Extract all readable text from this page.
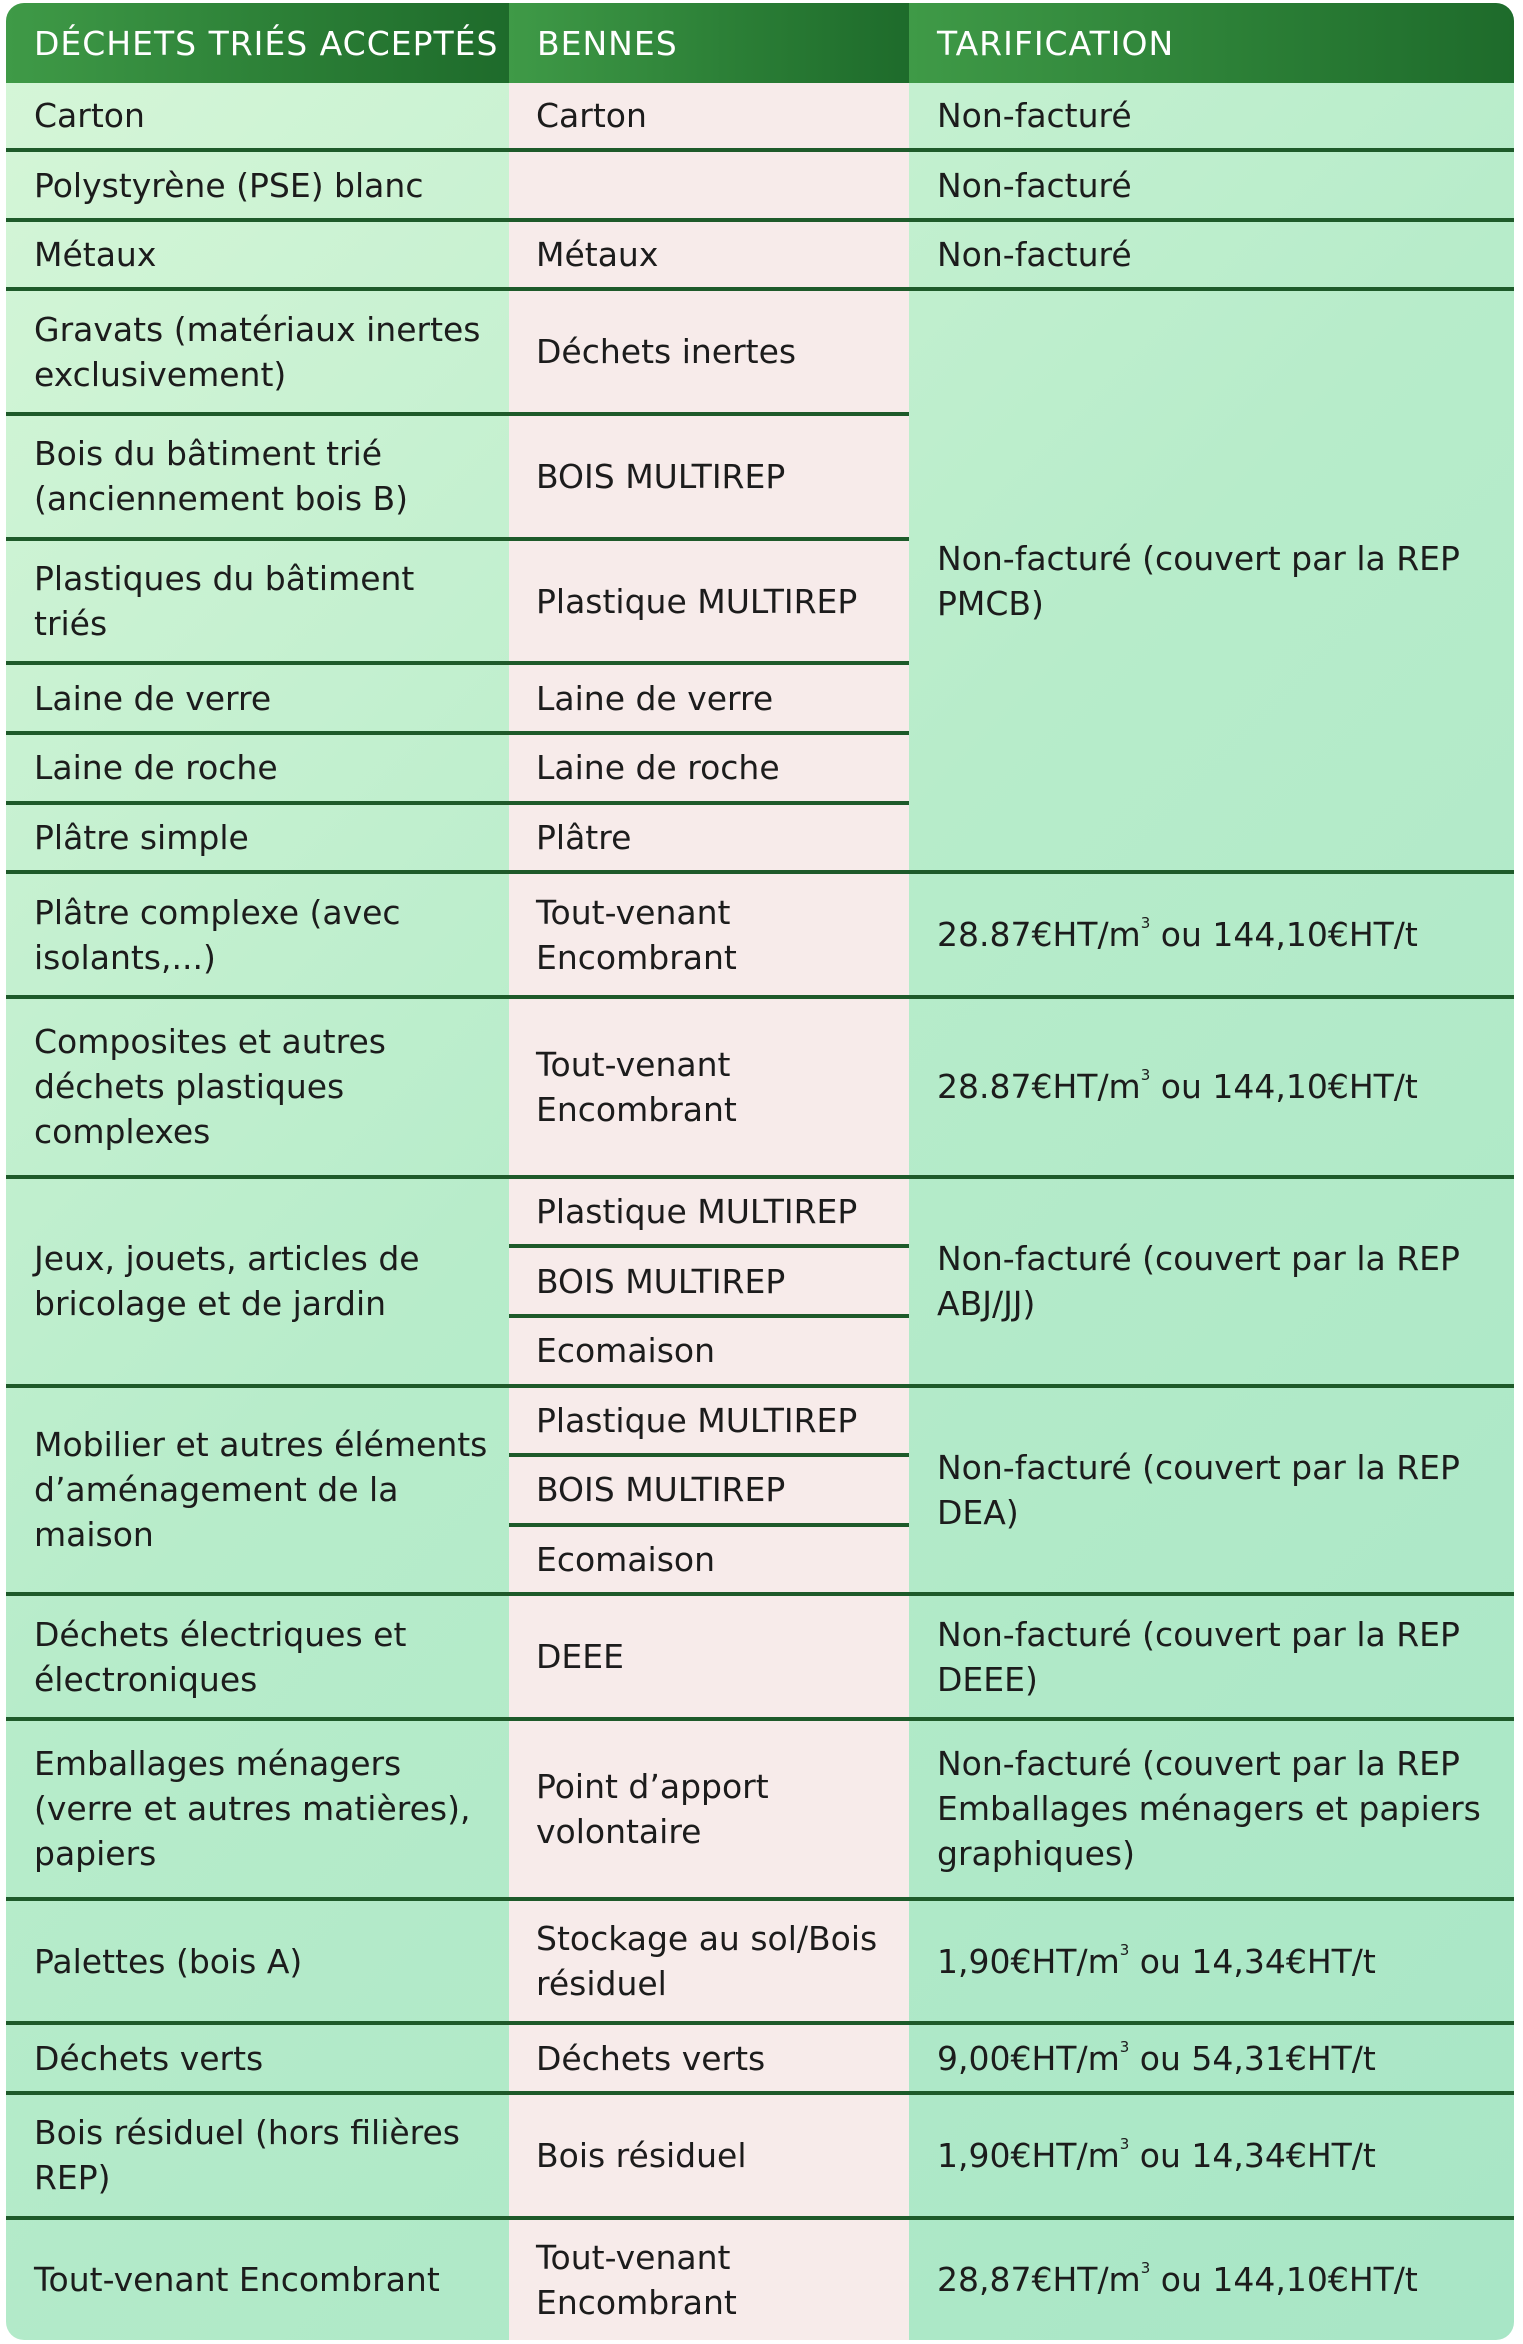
DÉCHETS TRIÉS ACCEPTÉS	BENNES	TARIFICATION
Carton	Carton	Non-facturé
Polystyrène (PSE) blanc		Non-facturé
Métaux	Métaux	Non-facturé
Gravats (matériaux inertes exclusivement)	Déchets inertes	Non-facturé (couvert par la REP PMCB)
Bois du bâtiment trié (anciennement bois B)	BOIS MULTIREP	
Plastiques du bâtiment triés	Plastique MULTIREP	
Laine de verre	Laine de verre	
Laine de roche	Laine de roche	
Plâtre simple	Plâtre	
Plâtre complexe (avec isolants,...)	Tout-venant Encombrant	$28.87€HT/m^3$ ou 144,10€HT/t
Composites et autres déchets plastiques complexes	Tout-venant Encombrant	$28.87€HT/m^3$ ou 144,10€HT/t
Jeux, jouets, articles de bricolage et de jardin	Plastique MULTIREP	Non-facturé (couvert par la REP ABJ/JJ)
	BOIS MULTIREP	
	Ecomaison	
Mobilier et autres éléments d’aménagement de la maison	Plastique MULTIREP	Non-facturé (couvert par la REP DEA)
	BOIS MULTIREP	
	Ecomaison	
Déchets électriques et électroniques	DEEE	Non-facturé (couvert par la REP DEEE)
Emballages ménagers (verre et autres matières), papiers	Point d’apport volontaire	Non-facturé (couvert par la REP Emballages ménagers et papiers graphiques)
Palettes (bois A)	Stockage au sol/Bois résiduel	$1,90€HT/m^3$ ou 14,34€HT/t
Déchets verts	Déchets verts	$9,00€HT/m^3$ ou 54,31€HT/t
Bois résiduel (hors filières REP)	Bois résiduel	$1,90€HT/m^3$ ou 14,34€HT/t
Tout-venant Encombrant	Tout-venant Encombrant	$28,87€HT/m^3$ ou 144,10€HT/t
